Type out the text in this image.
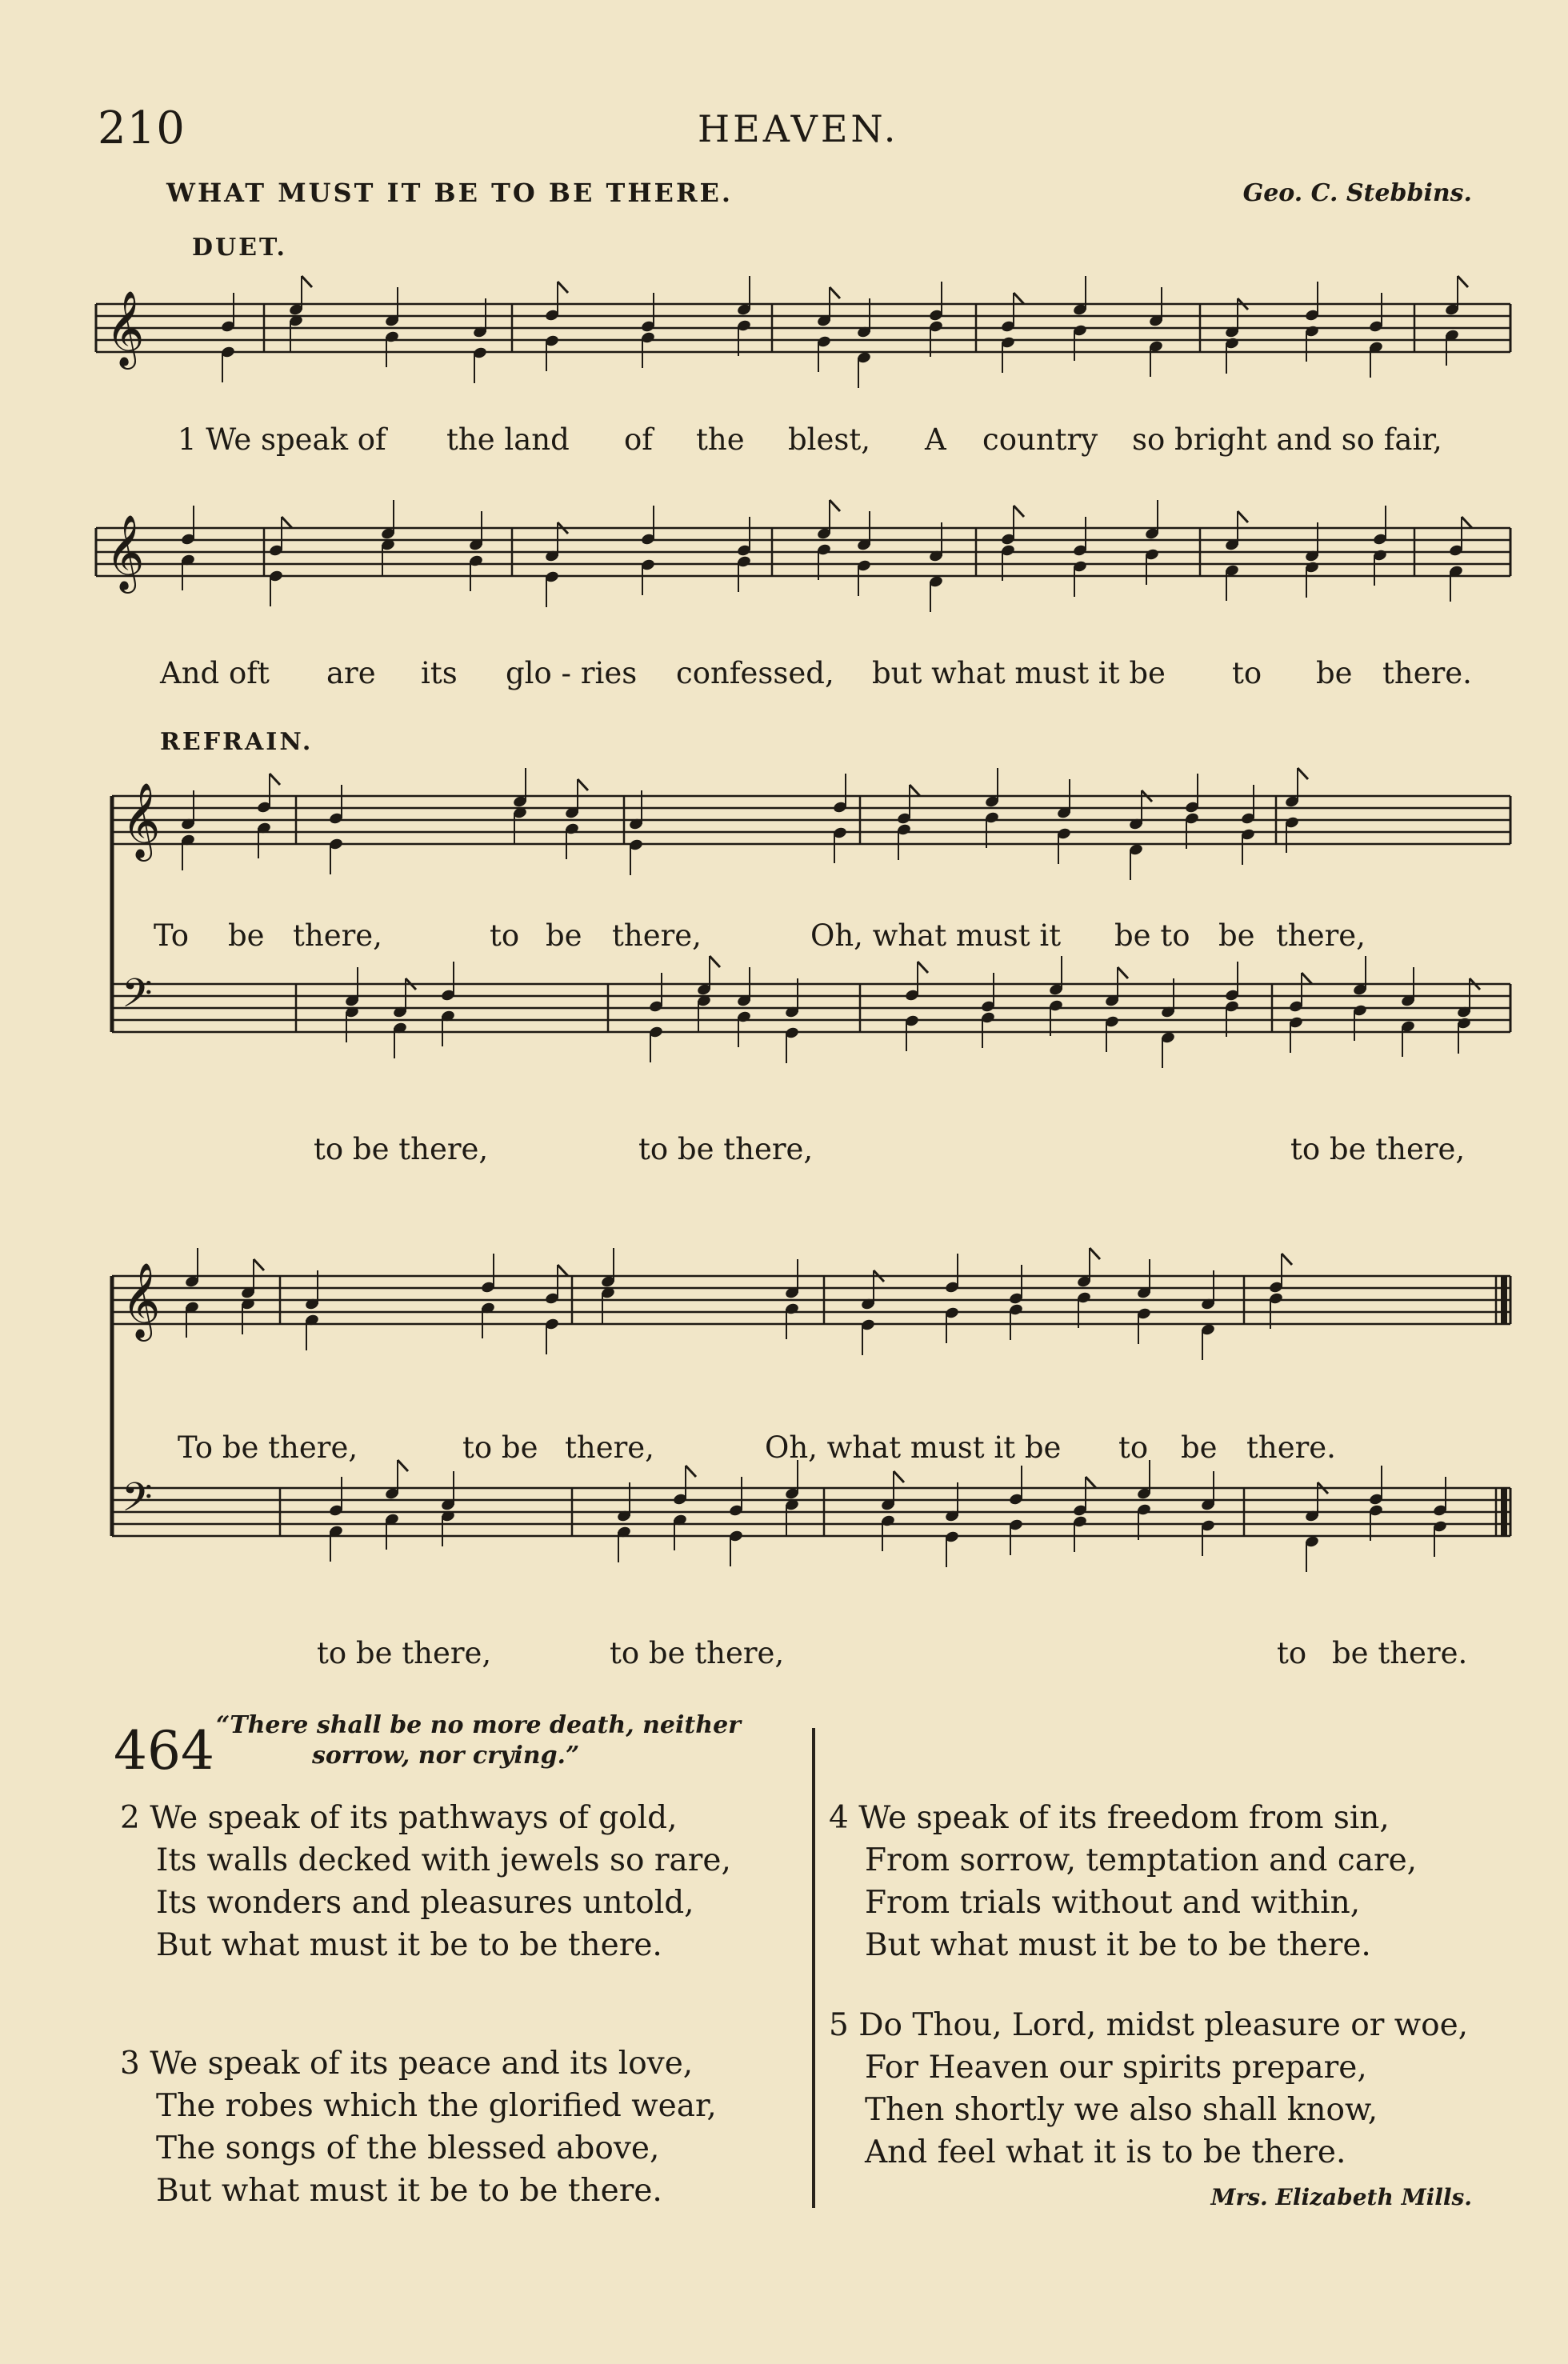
210	HEAVEN.
WHAT MUST IT BE TO BE THERE.	Geo. C. Stebbins.
DUET.
𝄞
1 We speak of the land of the blest, A country so bright and so fair,
𝄞
And oft are its glo - ries confessed, but what must it be to be there.
REFRAIN.
𝄞
𝄢
To be there,	to be there,	Oh, what must it be to be there,
to be there,	to be there,	to be there,
𝄞
𝄢
To be there,	to be there,	Oh, what must it be to be there.
to be there,	to be there,	to be there.
464 “There shall be no more death, neither
sorrow, nor crying.”
2 We speak of its pathways of gold,
Its walls decked with jewels so rare,
Its wonders and pleasures untold,
But what must it be to be there.
3 We speak of its peace and its love,
The robes which the glorified wear,
The songs of the blessed above,
But what must it be to be there.
4 We speak of its freedom from sin,
From sorrow, temptation and care,
From trials without and within,
But what must it be to be there.
5 Do Thou, Lord, midst pleasure or woe,
For Heaven our spirits prepare,
Then shortly we also shall know,
And feel what it is to be there.
Mrs. Elizabeth Mills.
